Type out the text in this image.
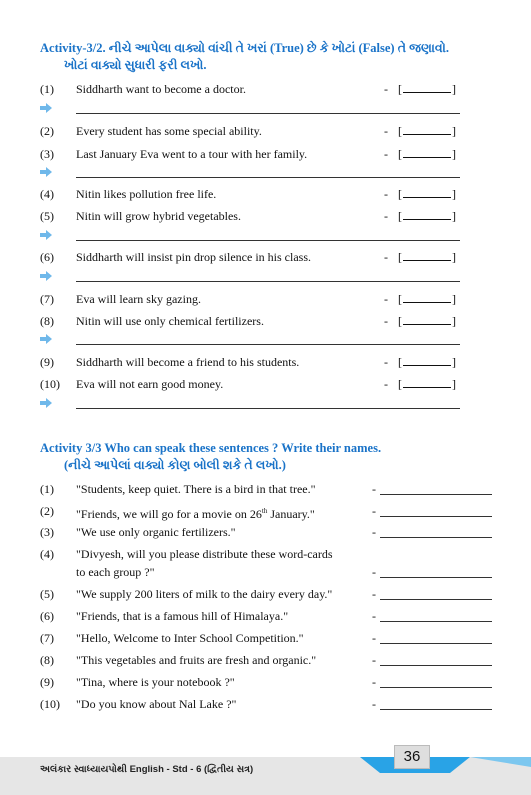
Activity-3/2. નીચે આપેલા વાક્યો વાંચી તે ખરાં (True) છે કે ખોટાં (False) તે જણાવો.
ખોટાં વાક્યો સુધારી ફરી લખો.
(1)	Siddharth want to become a doctor.	- [	]
(2)	Every student has some special ability.	- [	]
(3)	Last January Eva went to a tour with her family.	- [	]
(4)	Nitin likes pollution free life.	- [	]
(5)	Nitin will grow hybrid vegetables.	- [	]
(6)	Siddharth will insist pin drop silence in his class.	- [	]
(7)	Eva will learn sky gazing.	- [	]
(8)	Nitin will use only chemical fertilizers.	- [	]
(9)	Siddharth will become a friend to his students.	- [	]
(10)	Eva will not earn good money.	- [	]
Activity 3/3 Who can speak these sentences ? Write their names.
(નીચે આપેલાં વાક્યો કોણ બોલી શકે તે લખો.)
(1)	"Students, keep quiet. There is a bird in that tree."	-
(2)	"Friends, we will go for a movie on 26th January."	-
(3)	"We use only organic fertilizers."	-
(4)	"Divyesh, will you please distribute these word-cards
to each group ?"	-
(5)	"We supply 200 liters of milk to the dairy every day."	-
(6)	"Friends, that is a famous hill of Himalaya."	-
(7)	"Hello, Welcome to Inter School Competition."	-
(8)	"This vegetables and fruits are fresh and organic."	-
(9)	"Tina, where is your notebook ?"	-
(10)	"Do you know about Nal Lake ?"	-
અલંકાર સ્વાધ્યાયપોથી English - Std - 6 (દ્વિતીય સત્ર)
36
